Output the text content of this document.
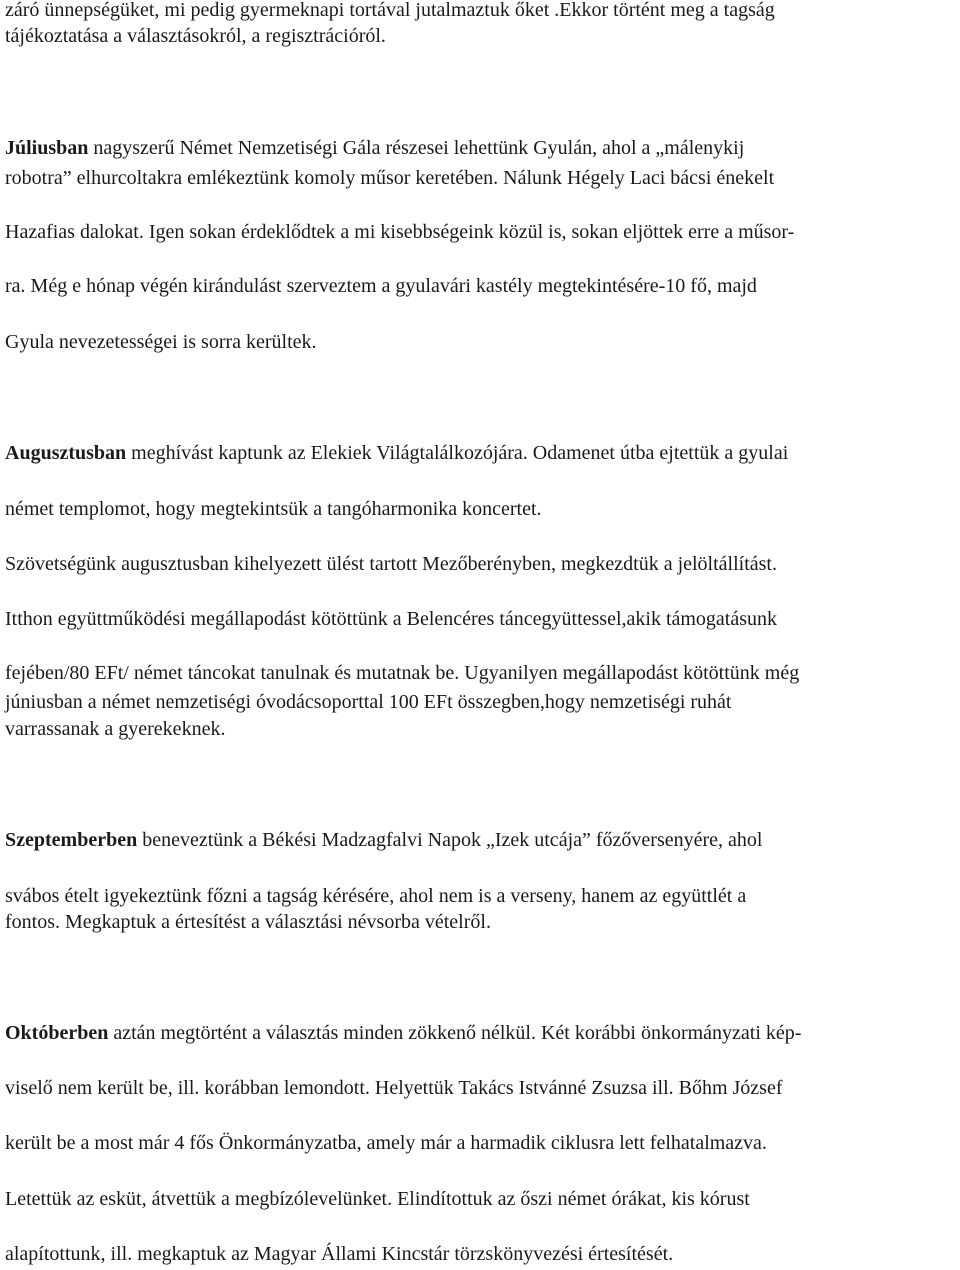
záró ünnepségüket, mi pedig gyermeknapi tortával jutalmaztuk őket .Ekkor történt meg a tagság

tájékoztatása a választásokról, a regisztrációról.

Júliusban nagyszerű Német Nemzetiségi Gála részesei lehettünk Gyulán, ahol a „málenykij

robotra” elhurcoltakra emlékeztünk komoly műsor keretében. Nálunk Hégely Laci bácsi énekelt

Hazafias dalokat. Igen sokan érdeklődtek a mi kisebbségeink közül is, sokan eljöttek erre a műsor-

ra. Még e hónap végén kirándulást szerveztem a gyulavári kastély megtekintésére-10 fő, majd

Gyula nevezetességei is sorra kerültek.

Augusztusban meghívást kaptunk az Elekiek Világtalálkozójára. Odamenet útba ejtettük a gyulai

német templomot, hogy megtekintsük a tangóharmonika koncertet.

Szövetségünk augusztusban kihelyezett ülést tartott Mezőberényben, megkezdtük a jelöltállítást.

Itthon együttműködési megállapodást kötöttünk a Belencéres táncegyüttessel,akik támogatásunk

fejében/80 EFt/ német táncokat tanulnak és mutatnak be. Ugyanilyen megállapodást kötöttünk még

júniusban a német nemzetiségi óvodácsoporttal 100 EFt összegben,hogy nemzetiségi ruhát

varrassanak a gyerekeknek.

Szeptemberben beneveztünk a Békési Madzagfalvi Napok „Izek utcája” főzőversenyére, ahol

svábos ételt igyekeztünk főzni a tagság kérésére, ahol nem is a verseny, hanem az együttlét a

fontos. Megkaptuk a értesítést a választási névsorba vételről.

Októberben aztán megtörtént a választás minden zökkenő nélkül. Két korábbi önkormányzati kép-

viselő nem került be, ill. korábban lemondott. Helyettük Takács Istvánné Zsuzsa ill. Bőhm József

került be a most már 4 fős Önkormányzatba, amely már a harmadik ciklusra lett felhatalmazva.

Letettük az esküt, átvettük a megbízólevelünket. Elindítottuk az őszi német órákat, kis kórust

alapítottunk, ill. megkaptuk az Magyar Állami Kincstár törzskönyvezési értesítését.
